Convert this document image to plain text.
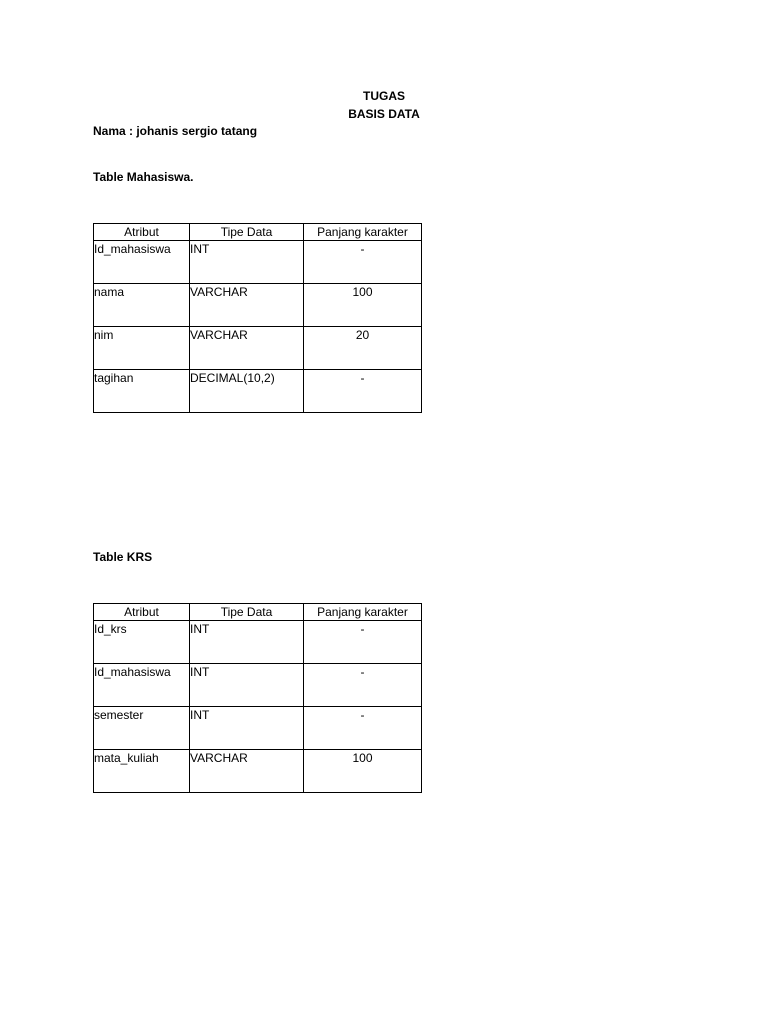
TUGAS
BASIS DATA
Nama : johanis sergio tatang
Table Mahasiswa.
Atribut	Tipe Data	Panjang karakter
Id_mahasiswa	INT	-
nama	VARCHAR	100
nim	VARCHAR	20
tagihan	DECIMAL(10,2)	-
Table KRS
Atribut	Tipe Data	Panjang karakter
Id_krs	INT	-
Id_mahasiswa	INT	-
semester	INT	-
mata_kuliah	VARCHAR	100
